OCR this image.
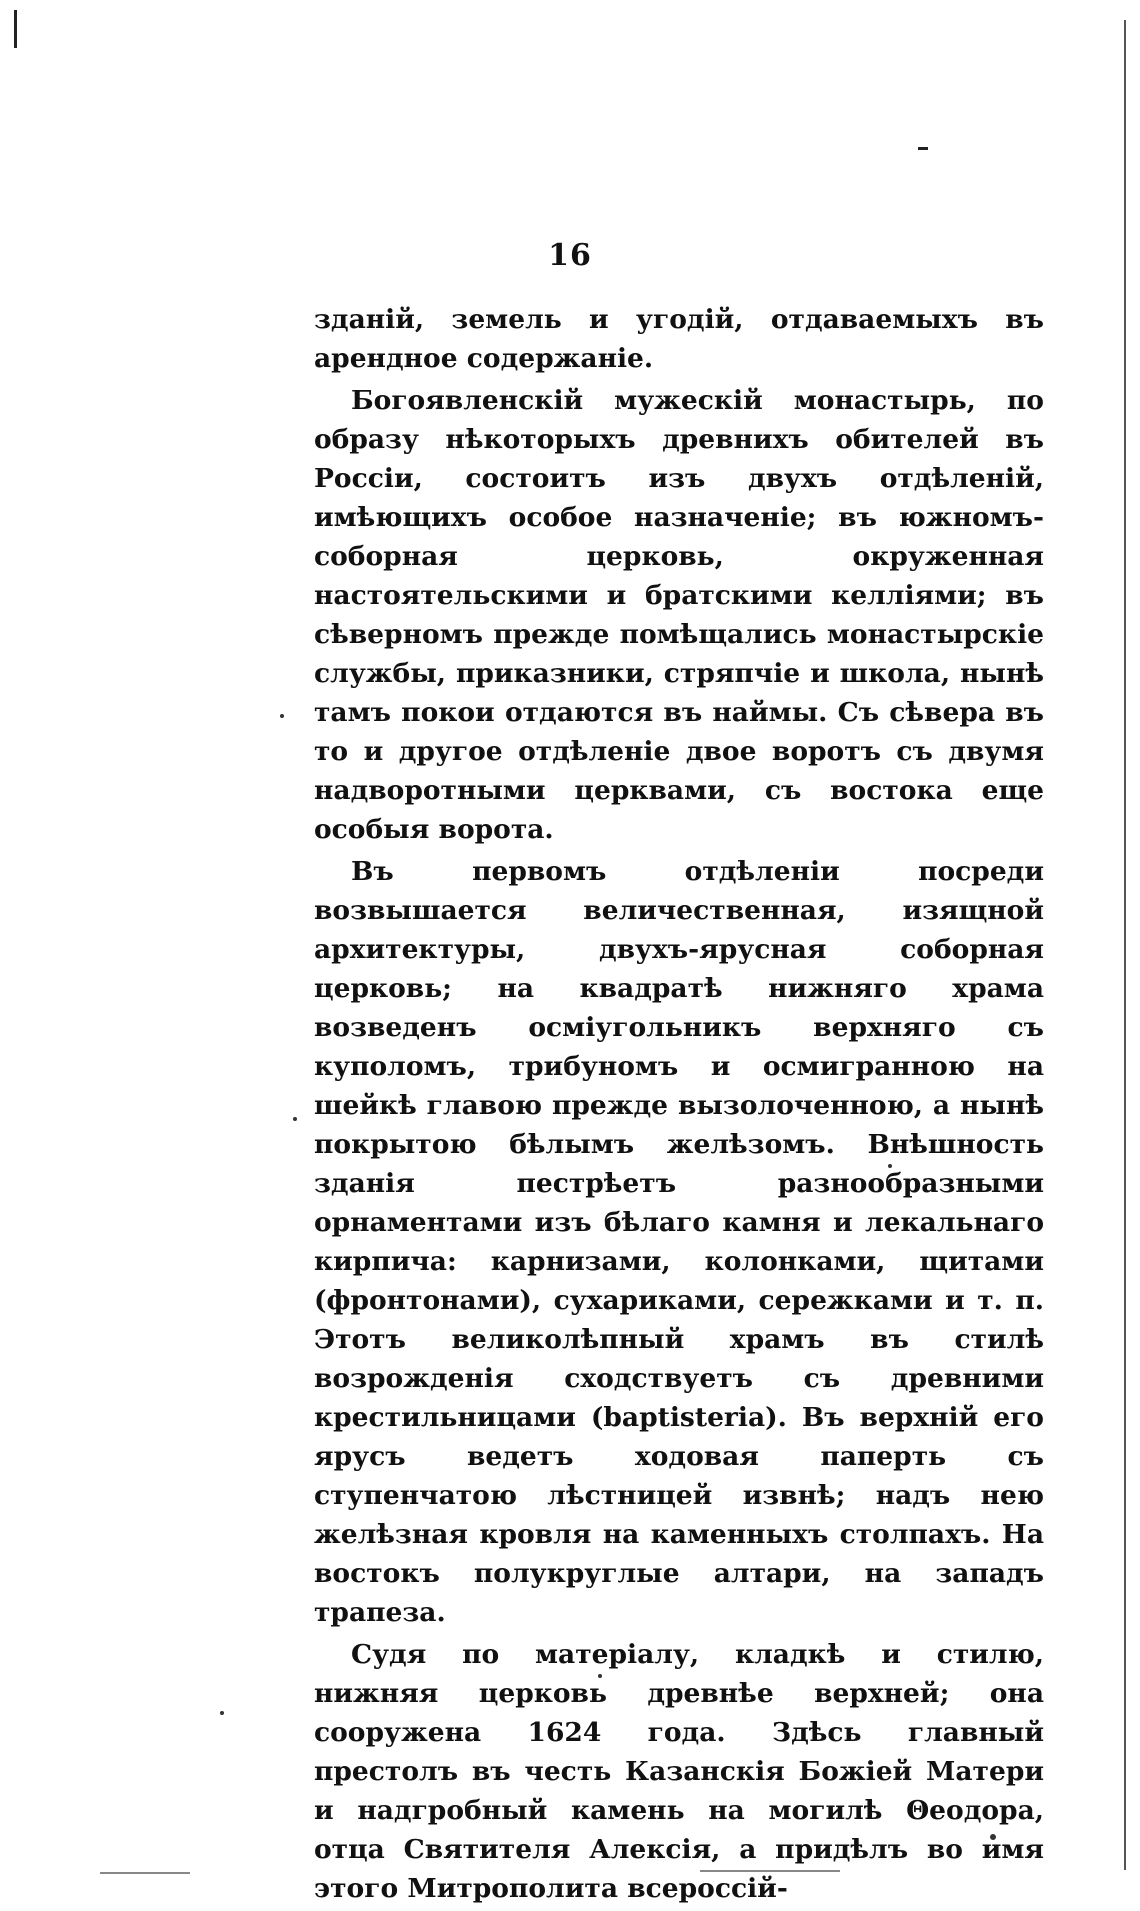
16

зданій, земель и угодій, отдаваемыхъ въ арендное содержаніе.

Богоявленскій мужескій монастырь, по образу нѣкоторыхъ древнихъ обителей въ Россіи, состоитъ изъ двухъ отдѣленій, имѣющихъ особое назначеніе; въ южномъ-соборная церковь, окруженная настоятельскими и братскими келліями; въ сѣверномъ прежде помѣщались монастырскіе службы, приказники, стряпчіе и школа, нынѣ тамъ покои отдаются въ наймы. Съ сѣвера въ то и другое отдѣленіе двое воротъ съ двумя надворотными церквами, съ востока еще особыя ворота.

Въ первомъ отдѣленіи посреди возвышается величественная, изящной архитектуры, двухъ-ярусная соборная церковь; на квадратѣ нижняго храма возведенъ осміугольникъ верхняго съ куполомъ, трибуномъ и осмигранною на шейкѣ главою прежде вызолоченною, а нынѣ покрытою бѣлымъ желѣзомъ. Внѣшность зданія пестрѣетъ разнообразными орнаментами изъ бѣлаго камня и лекальнаго кирпича: карнизами, колонками, щитами (фронтонами), сухариками, сережками и т. п. Этотъ великолѣпный храмъ въ стилѣ возрожденія сходствуетъ съ древними крестильницами (baptisteria). Въ верхній его ярусъ ведетъ ходовая паперть съ ступенчатою лѣстницей извнѣ; надъ нею желѣзная кровля на каменныхъ столпахъ. На востокъ полукруглые алтари, на западъ трапеза.

Судя по матеріалу, кладкѣ и стилю, нижняя церковь древнѣе верхней; она сооружена 1624 года. Здѣсь главный престолъ въ честь Казанскія Божіей Матери и надгробный камень на могилѣ Θеодора, отца Святителя Алексія, а придѣлъ во имя этого Митрополита всероссій-
